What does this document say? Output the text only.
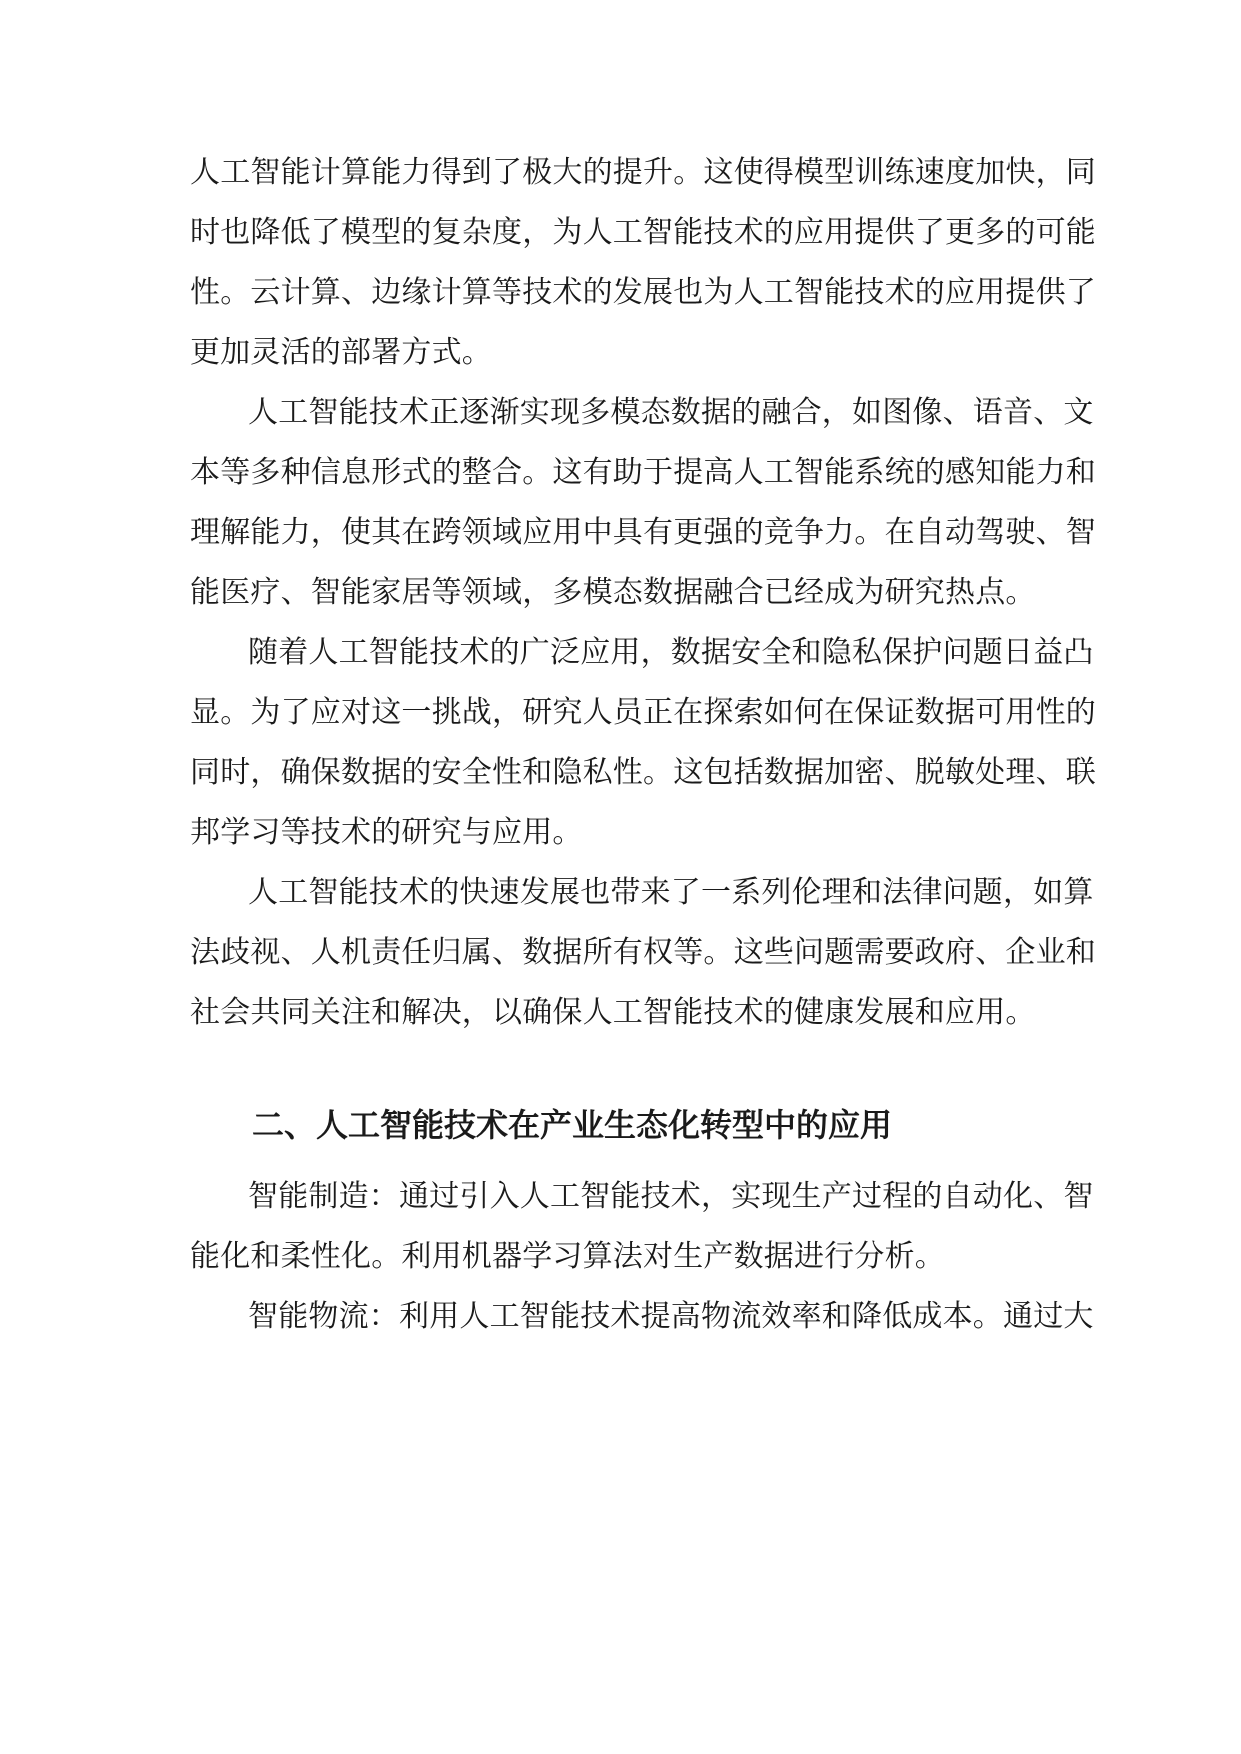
人工智能计算能力得到了极大的提升。这使得模型训练速度加快，同
时也降低了模型的复杂度，为人工智能技术的应用提供了更多的可能
性。云计算、边缘计算等技术的发展也为人工智能技术的应用提供了
更加灵活的部署方式。
人工智能技术正逐渐实现多模态数据的融合，如图像、语音、文
本等多种信息形式的整合。这有助于提高人工智能系统的感知能力和
理解能力，使其在跨领域应用中具有更强的竞争力。在自动驾驶、智
能医疗、智能家居等领域，多模态数据融合已经成为研究热点。
随着人工智能技术的广泛应用，数据安全和隐私保护问题日益凸
显。为了应对这一挑战，研究人员正在探索如何在保证数据可用性的
同时，确保数据的安全性和隐私性。这包括数据加密、脱敏处理、联
邦学习等技术的研究与应用。
人工智能技术的快速发展也带来了一系列伦理和法律问题，如算
法歧视、人机责任归属、数据所有权等。这些问题需要政府、企业和
社会共同关注和解决，以确保人工智能技术的健康发展和应用。
二、人工智能技术在产业生态化转型中的应用
智能制造：通过引入人工智能技术，实现生产过程的自动化、智
能化和柔性化。利用机器学习算法对生产数据进行分析。
智能物流：利用人工智能技术提高物流效率和降低成本。通过大
